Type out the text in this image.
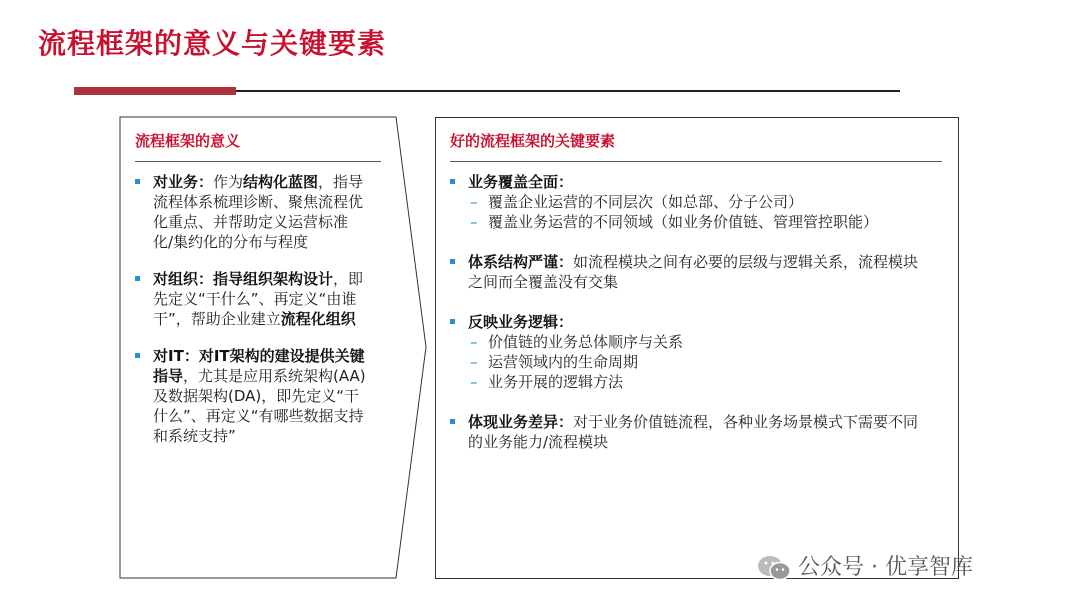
流程框架的意义与关键要素
流程框架的意义
对业务：作为结构化蓝图，指导流程体系梳理诊断、聚焦流程优化重点、并帮助定义运营标准化/集约化的分布与程度
对组织：指导组织架构设计，即先定义“干什么”、再定义“由谁干”，帮助企业建立流程化组织
对IT：对IT架构的建设提供关键指导，尤其是应用系统架构(AA)及数据架构(DA)，即先定义“干什么”、再定义“有哪些数据支持和系统支持”
好的流程框架的关键要素
业务覆盖全面：
– 覆盖企业运营的不同层次（如总部、分子公司）
– 覆盖业务运营的不同领域（如业务价值链、管理管控职能）
体系结构严谨：如流程模块之间有必要的层级与逻辑关系，流程模块之间而全覆盖没有交集
反映业务逻辑：
– 价值链的业务总体顺序与关系
– 运营领域内的生命周期
– 业务开展的逻辑方法
体现业务差异：对于业务价值链流程，各种业务场景模式下需要不同的业务能力/流程模块
公众号 · 优享智库
